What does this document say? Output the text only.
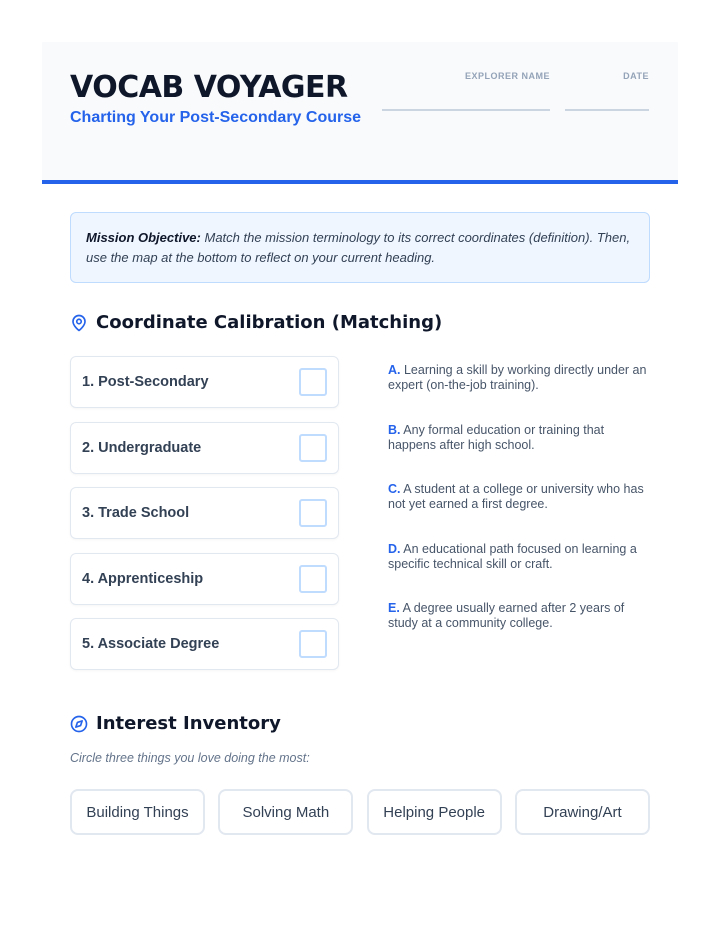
VOCAB VOYAGER
Charting Your Post-Secondary Course
EXPLORER NAME	DATE
Mission Objective: Match the mission terminology to its correct coordinates (definition). Then, use the map at the bottom to reflect on your current heading.
Coordinate Calibration (Matching)
1. Post-Secondary
2. Undergraduate
3. Trade School
4. Apprenticeship
5. Associate Degree
A. Learning a skill by working directly under an expert (on-the-job training).
B. Any formal education or training that happens after high school.
C. A student at a college or university who has not yet earned a first degree.
D. An educational path focused on learning a specific technical skill or craft.
E. A degree usually earned after 2 years of study at a community college.
Interest Inventory
Circle three things you love doing the most:
Building Things	Solving Math	Helping People	Drawing/Art
